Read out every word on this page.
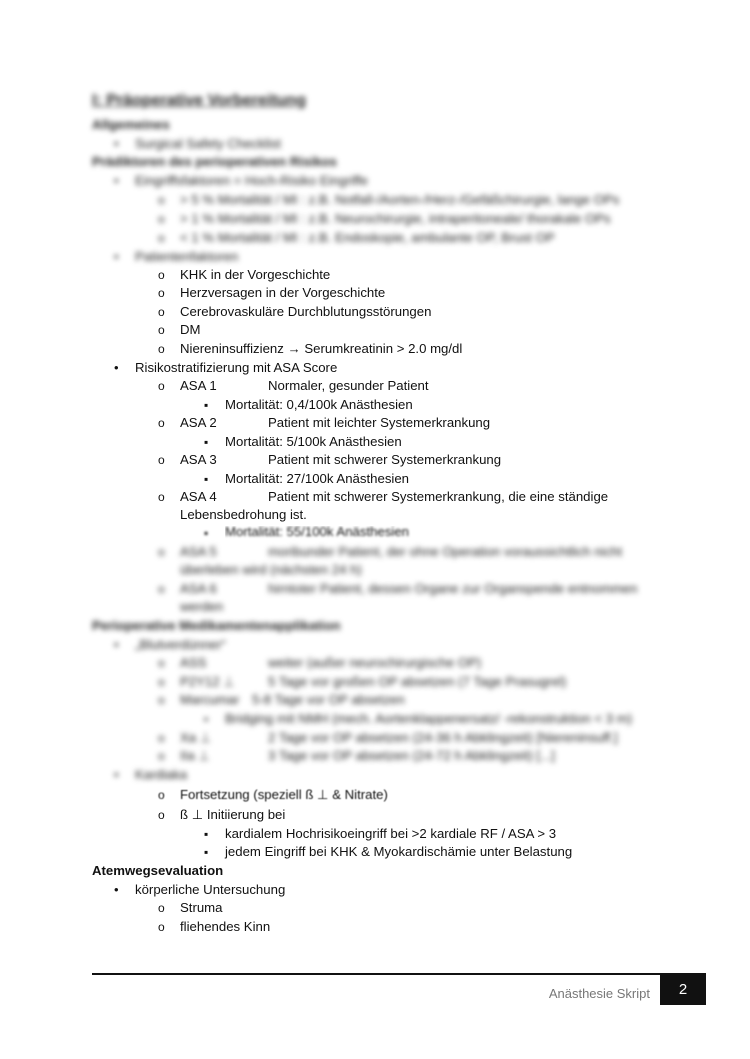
I: Präoperative Vorbereitung
Allgemeines
•
Surgical Safety Checklist
Prädiktoren des perioperativen Risikos
•
Eingriffsfaktoren = Hoch-Risiko Eingriffe
o
> 5 % Mortalität / MI : z.B. Notfall-/Aorten-/Herz-/Gefäßchirurgie, lange OPs
o
> 1 % Mortalität / MI : z.B. Neurochirurgie, intraperitoneale/ thorakale OPs
o
< 1 % Mortalität / MI : z.B. Endoskopie, ambulante OP, Brust OP
•
Patientenfaktoren
o
KHK in der Vorgeschichte
o
Herzversagen in der Vorgeschichte
o
Cerebrovaskuläre Durchblutungsstörungen
o
DM
o
Niereninsuffizienz → Serumkreatinin > 2.0 mg/dl
•
Risikostratifizierung mit ASA Score
o
ASA 1	Normaler, gesunder Patient
▪
Mortalität: 0,4/100k Anästhesien
o
ASA 2	Patient mit leichter Systemerkrankung
▪
Mortalität: 5/100k Anästhesien
o
ASA 3	Patient mit schwerer Systemerkrankung
▪
Mortalität: 27/100k Anästhesien
o
ASA 4	Patient mit schwerer Systemerkrankung, die eine ständige
Lebensbedrohung ist.
▪
Mortalität: 55/100k Anästhesien
o
ASA 5	moribunder Patient, der ohne Operation voraussichtlich nicht
überleben wird (nächsten 24 h)
o
ASA 6	hirntoter Patient, dessen Organe zur Organspende entnommen
werden
Perioperative Medikamentenapplikation
•
„Blutverdünner“
o
ASS	weiter (außer neurochirurgische OP)
o
P2Y12 ⊥	5 Tage vor großen OP absetzen (7 Tage Prasugrel)
o
Marcumar 5-8 Tage vor OP absetzen
▪
Bridging mit NMH (mech. Aortenklappenersatz/ -rekonstruktion < 3 m)
o
Xa ⊥	2 Tage vor OP absetzen (24-36 h Abklingzeit) [Niereninsuff.]
o
IIa ⊥	3 Tage vor OP absetzen (24-72 h Abklingzeit) [...]
•
Kardiaka
o
Fortsetzung (speziell ß ⊥ & Nitrate)
o
ß ⊥ Initiierung bei
▪
kardialem Hochrisikoeingriff bei >2 kardiale RF / ASA > 3
▪
jedem Eingriff bei KHK & Myokardischämie unter Belastung
Atemwegsevaluation
•
körperliche Untersuchung
o
Struma
o
fliehendes Kinn
Anästhesie Skript	2
